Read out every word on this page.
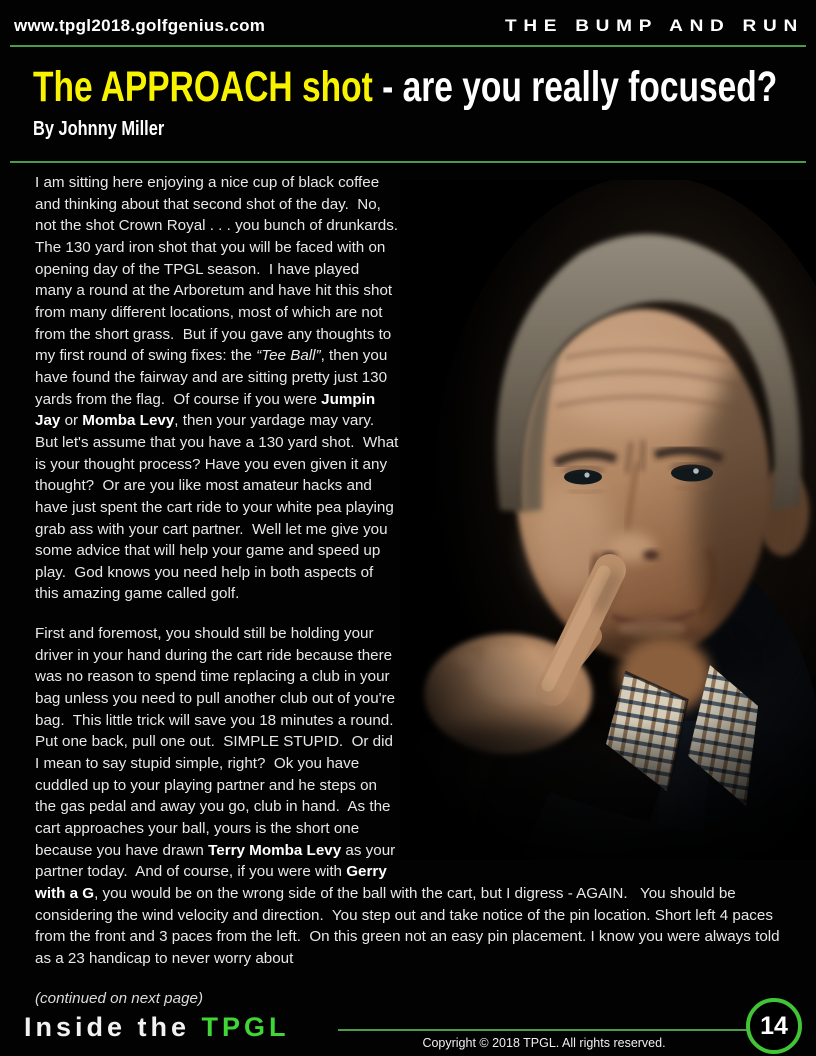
www.tpgl2018.golfgenius.com	THE BUMP AND RUN
The APPROACH shot - are you really focused?
By Johnny Miller

I am sitting here enjoying a nice cup of black coffee and thinking about that second shot of the day.  No, not the shot Crown Royal . . . you bunch of drunkards.  The 130 yard iron shot that you will be faced with on opening day of the TPGL season.  I have played many a round at the Arboretum and have hit this shot from many different locations, most of which are not from the short grass.  But if you gave any thoughts to my first round of swing fixes: the “Tee Ball”, then you have found the fairway and are sitting pretty just 130 yards from the flag.  Of course if you were Jumpin Jay or Momba Levy, then your yardage may vary.  But let's assume that you have a 130 yard shot.  What is your thought process? Have you even given it any thought?  Or are you like most amateur hacks and have just spent the cart ride to your white pea playing grab ass with your cart partner.  Well let me give you some advice that will help your game and speed up play.  God knows you need help in both aspects of this amazing game called golf.

First and foremost, you should still be holding your driver in your hand during the cart ride because there was no reason to spend time replacing a club in your bag unless you need to pull another club out of you're bag.  This little trick will save you 18 minutes a round.  Put one back, pull one out.  SIMPLE STUPID.  Or did I mean to say stupid simple, right?  Ok you have cuddled up to your playing partner and he steps on the gas pedal and away you go, club in hand.  As the cart approaches your ball, yours is the short one because you have drawn Terry Momba Levy as your partner today.  And of course, if you were with Gerry with a G, you would be on the wrong side of the ball with the cart, but I digress - AGAIN.   You should be considering the wind velocity and direction.  You step out and take notice of the pin location. Short left 4 paces from the front and 3 paces from the left.  On this green not an easy pin placement. I know you were always told as a 23 handicap to never worry about

(continued on next page)

Inside the TPGL
Copyright © 2018 TPGL. All rights reserved.
14
